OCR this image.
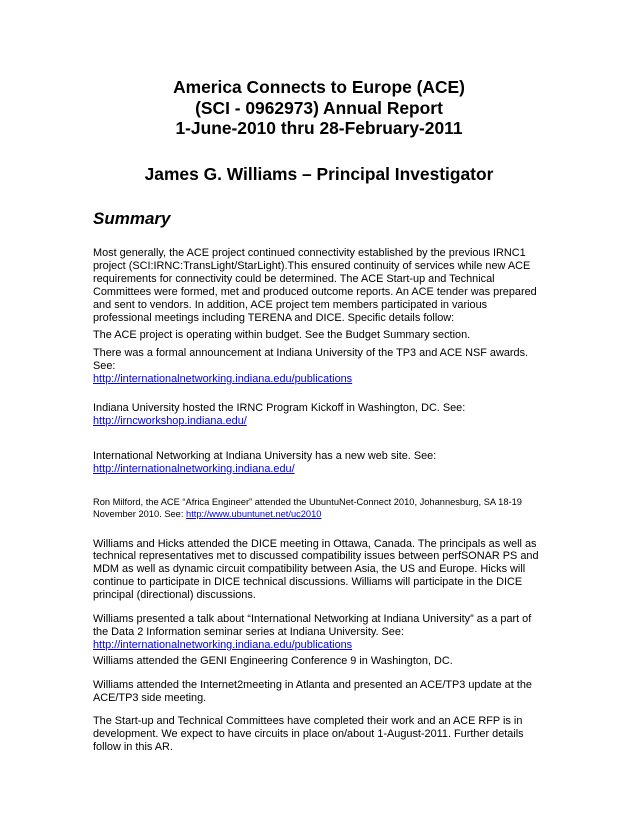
America Connects to Europe (ACE)
(SCI - 0962973) Annual Report
1-June-2010 thru 28-February-2011
James G. Williams – Principal Investigator
Summary

Most generally, the ACE project continued connectivity established by the previous IRNC1 project (SCI:IRNC:TransLight/StarLight).This ensured continuity of services while new ACE requirements for connectivity could be determined. The ACE Start-up and Technical Committees were formed, met and produced outcome reports. An ACE tender was prepared and sent to vendors. In addition, ACE project tem members participated in various professional meetings including TERENA and DICE. Specific details follow:

The ACE project is operating within budget. See the Budget Summary section.

There was a formal announcement at Indiana University of the TP3 and ACE NSF awards. See:
http://internationalnetworking.indiana.edu/publications
Indiana University hosted the IRNC Program Kickoff in Washington, DC. See:
http://irncworkshop.indiana.edu/
International Networking at Indiana University has a new web site. See:
http://internationalnetworking.indiana.edu/
Ron Milford, the ACE “Africa Engineer” attended the UbuntuNet-Connect 2010, Johannesburg, SA 18-19 November 2010. See: http://www.ubuntunet.net/uc2010

Williams and Hicks attended the DICE meeting in Ottawa, Canada. The principals as well as technical representatives met to discussed compatibility issues between perfSONAR PS and MDM as well as dynamic circuit compatibility between Asia, the US and Europe. Hicks will continue to participate in DICE technical discussions. Williams will participate in the DICE principal (directional) discussions.

Williams presented a talk about “International Networking at Indiana University” as a part of the Data 2 Information seminar series at Indiana University. See:
http://internationalnetworking.indiana.edu/publications

Williams attended the GENI Engineering Conference 9 in Washington, DC.

Williams attended the Internet2meeting in Atlanta and presented an ACE/TP3 update at the ACE/TP3 side meeting.

The Start-up and Technical Committees have completed their work and an ACE RFP is in development. We expect to have circuits in place on/about 1-August-2011. Further details follow in this AR.
